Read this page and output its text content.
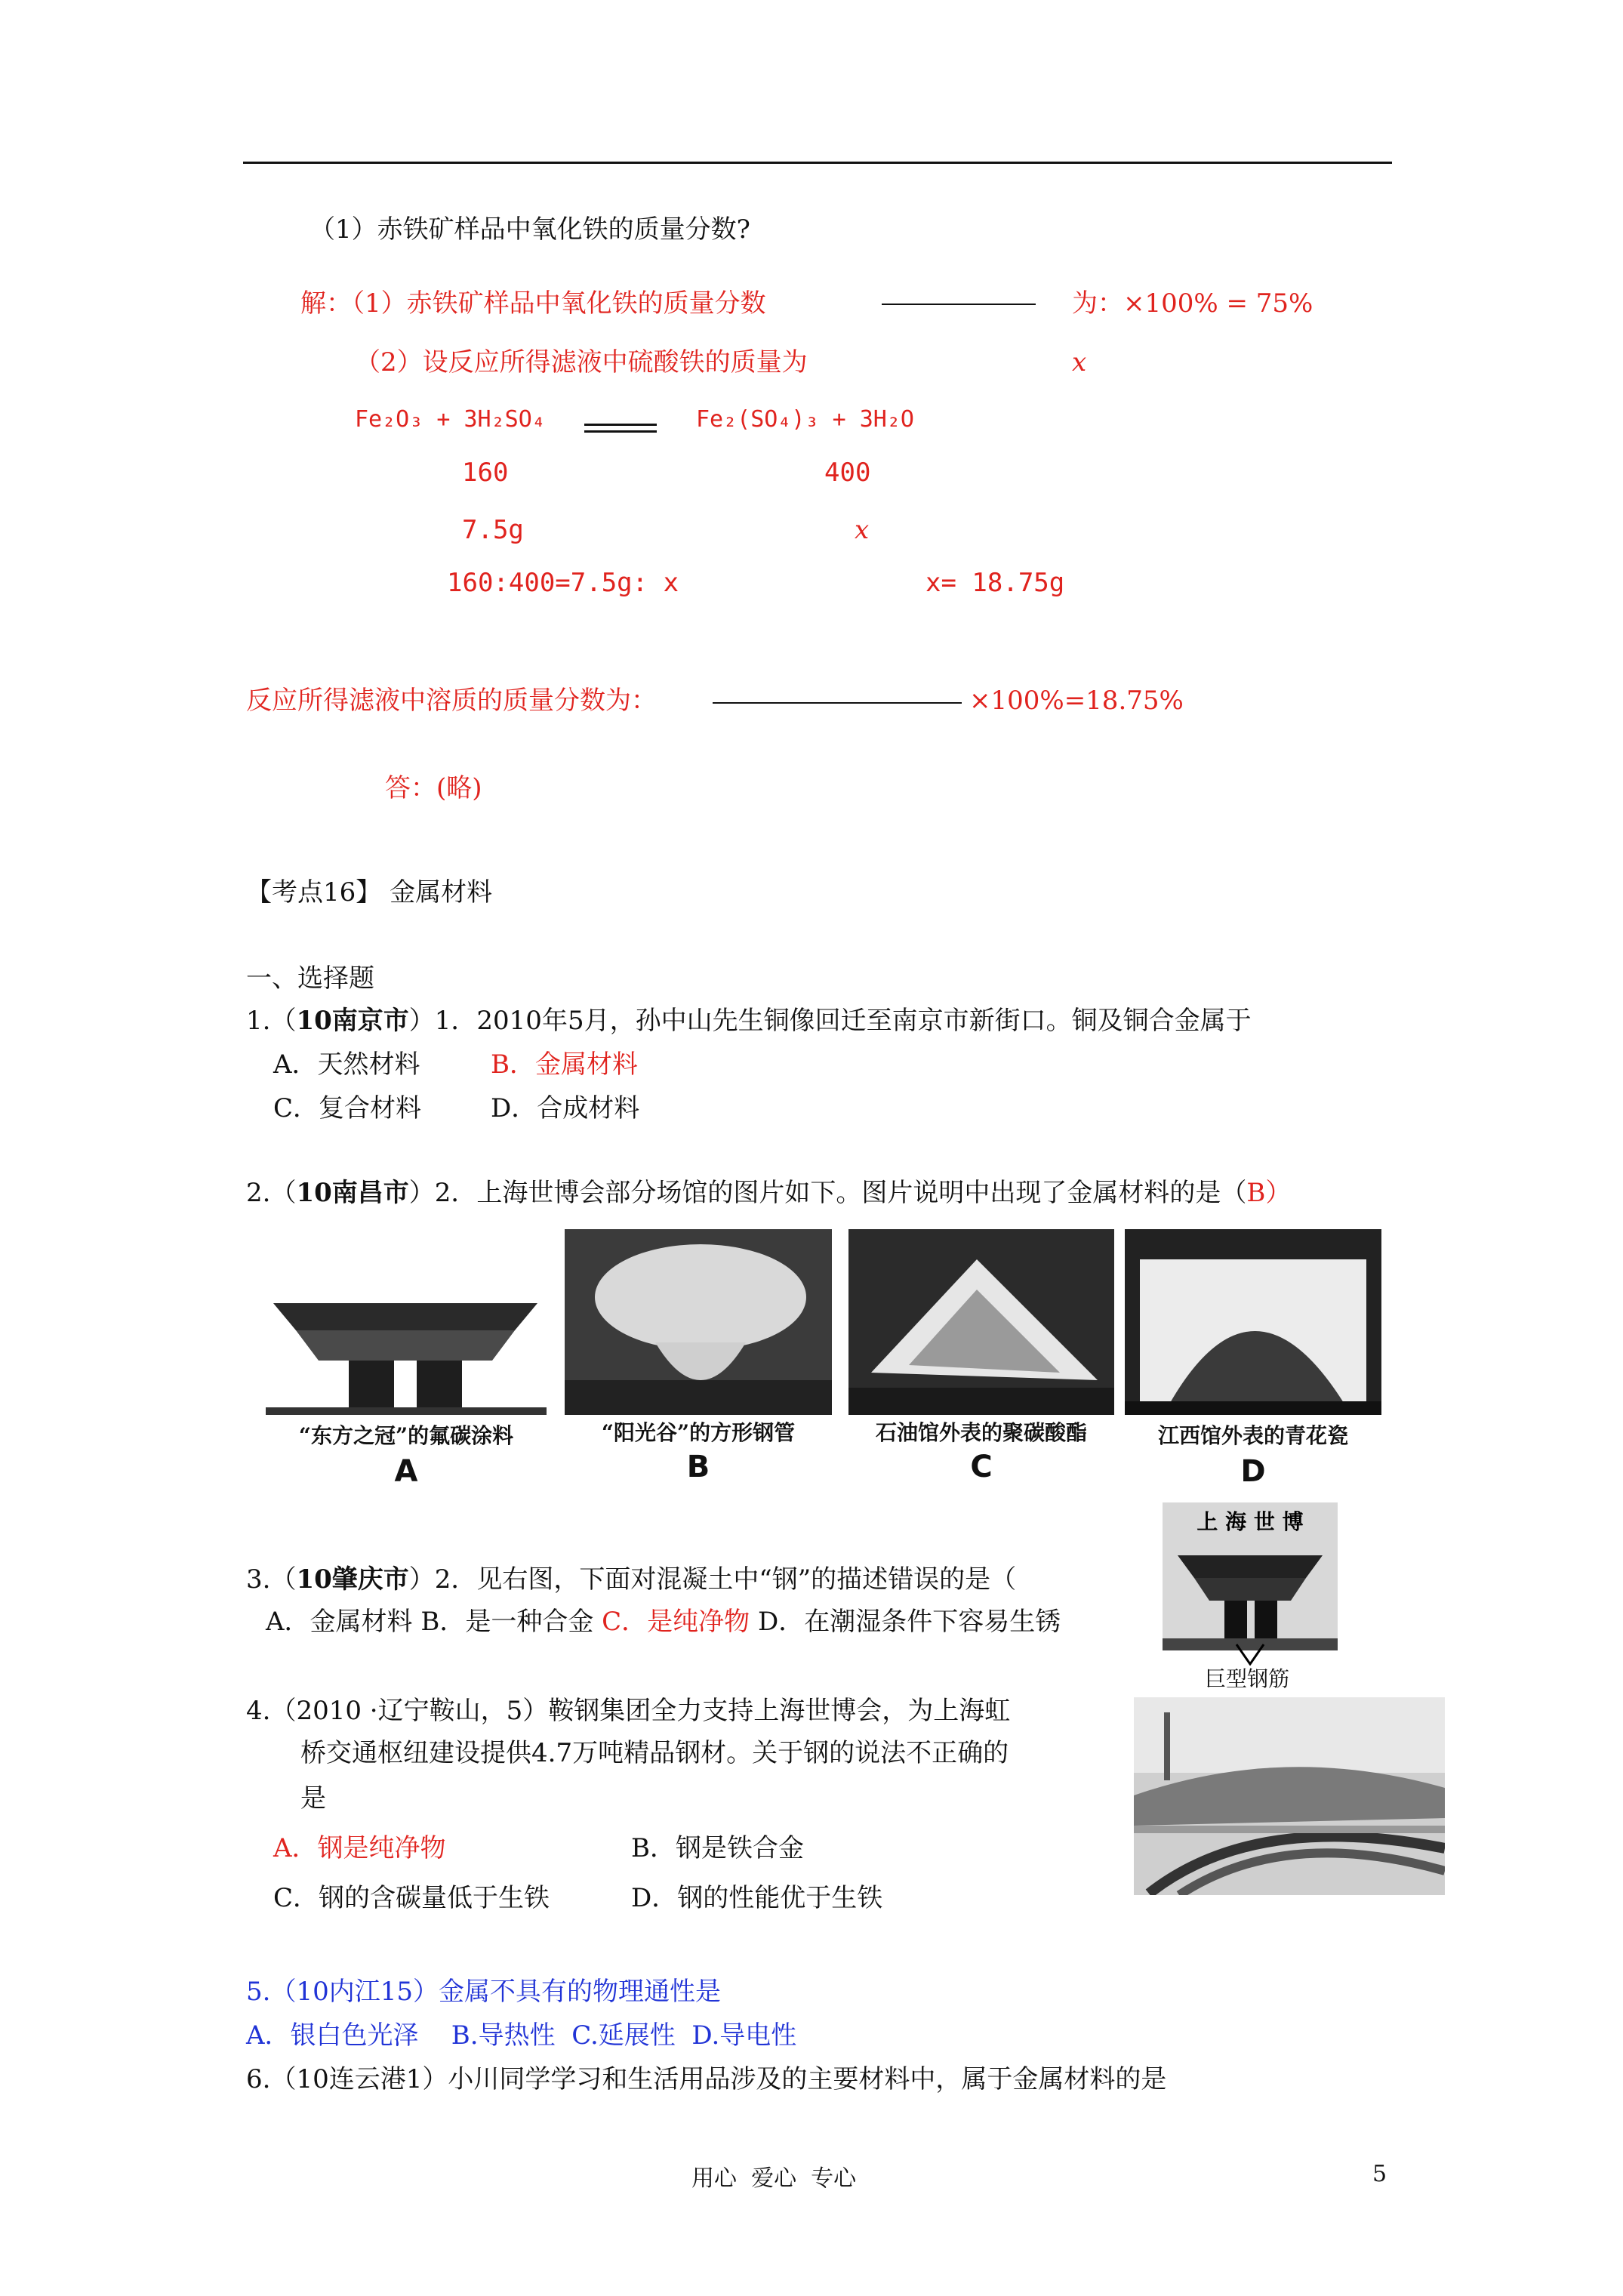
（1）赤铁矿样品中氧化铁的质量分数?
解：（1）赤铁矿样品中氧化铁的质量分数	为：×100% = 75%
（2）设反应所得滤液中硫酸铁的质量为	x
Fe₂O₃ + 3H₂SO₄	Fe₂(SO₄)₃ + 3H₂O
160	400
7.5g	x
160:400=7.5g: x	x= 18.75g
反应所得滤液中溶质的质量分数为：	×100%=18.75%
答：(略)
【考点16】 金属材料
一、选择题
1.（10南京市）1．2010年5月，孙中山先生铜像回迁至南京市新街口。铜及铜合金属于
A．天然材料	B．金属材料
C．复合材料	D．合成材料
2.（10南昌市）2．上海世博会部分场馆的图片如下。图片说明中出现了金属材料的是（B）
“东方之冠”的氟碳涂料	“阳光谷”的方形钢管	石油馆外表的聚碳酸酯	江西馆外表的青花瓷
A	B	C	D
上 海 世 博
巨型钢筋
3.（10肇庆市）2．见右图，下面对混凝土中“钢”的描述错误的是（
A．金属材料 B．是一种合金 C．是纯净物 D．在潮湿条件下容易生锈
4.（2010 ·辽宁鞍山，5）鞍钢集团全力支持上海世博会，为上海虹
桥交通枢纽建设提供4.7万吨精品钢材。关于钢的说法不正确的
是
A．钢是纯净物	B．钢是铁合金
C．钢的含碳量低于生铁	D．钢的性能优于生铁
5.（10内江15）金属不具有的物理通性是
A．银白色光泽    B.导热性  C.延展性  D.导电性
6.（10连云港1）小川同学学习和生活用品涉及的主要材料中，属于金属材料的是
用心  爱心  专心	5
